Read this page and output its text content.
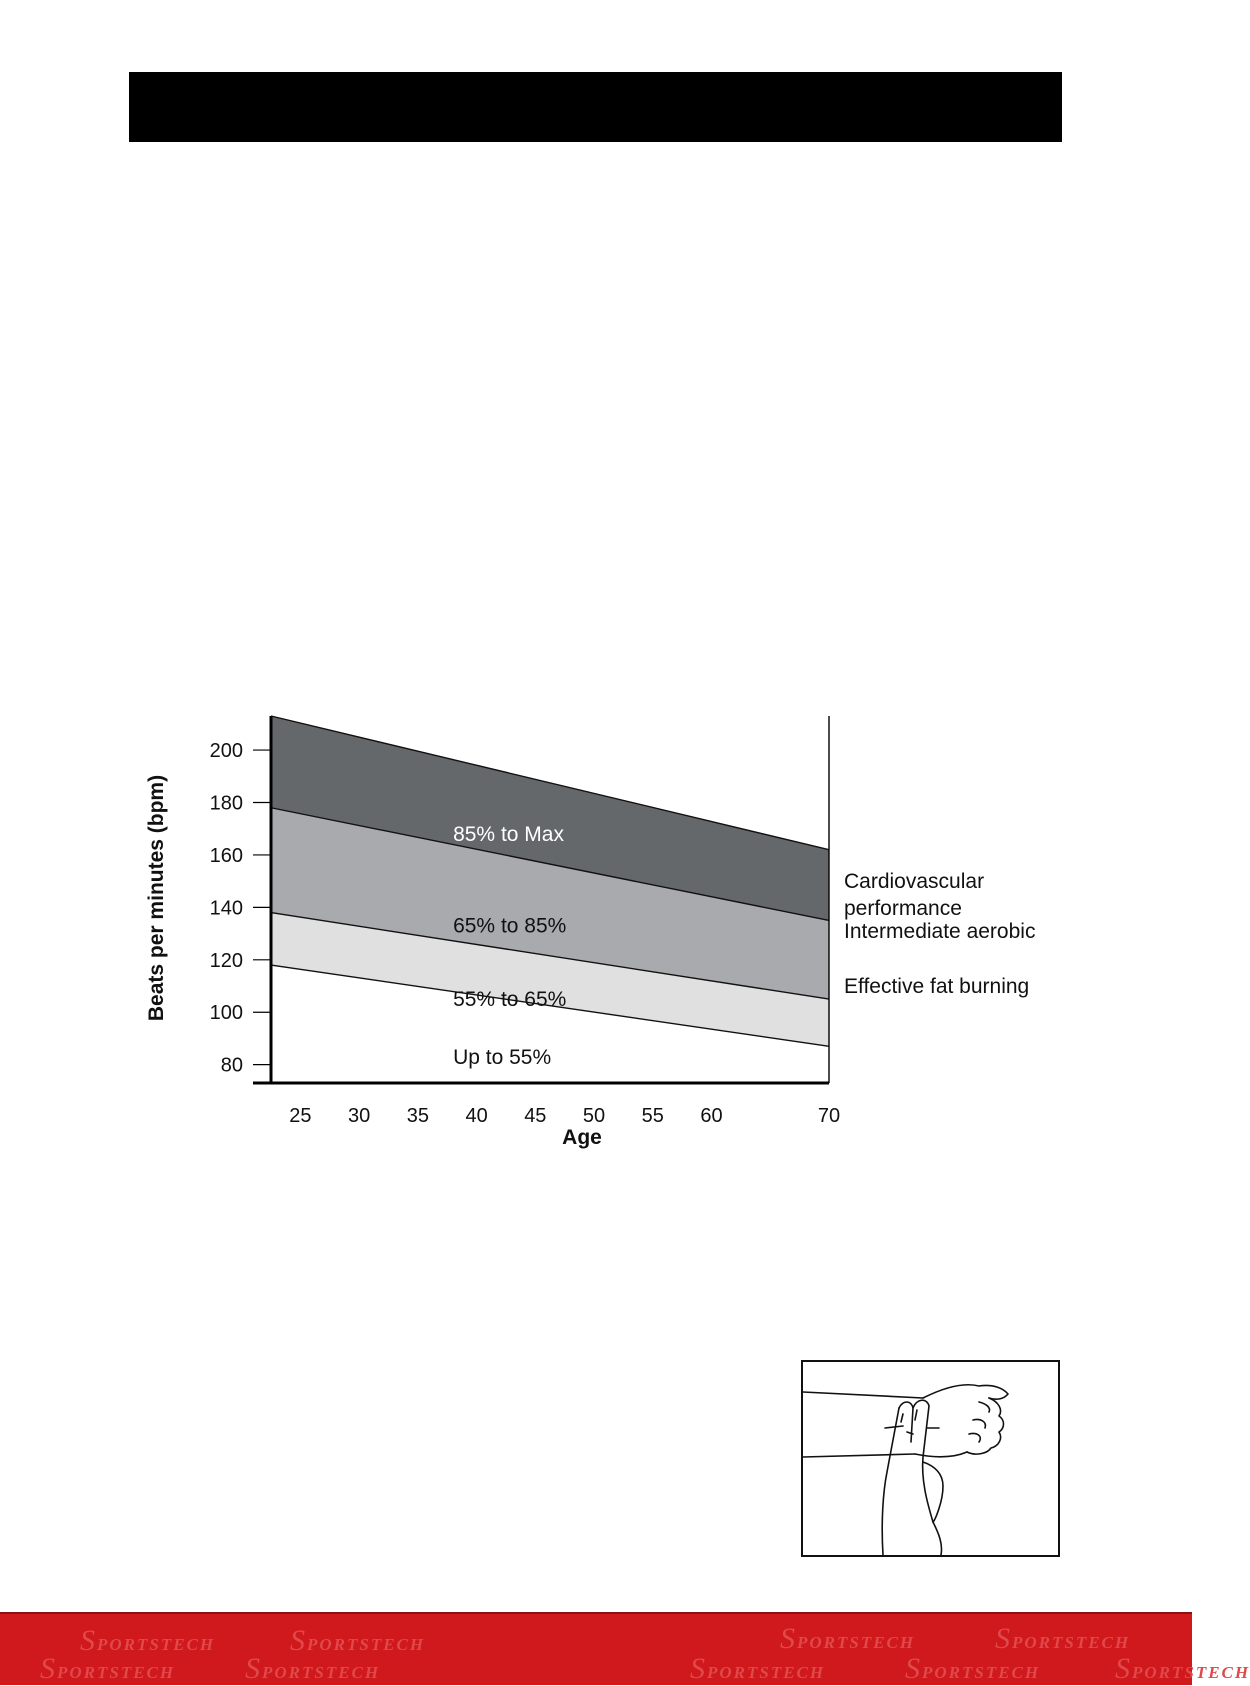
80
100
120
140
160
180
200
25 30 35 40 45 50 55 60	70
Age
Beats per minutes (bpm)	85% to Max
65% to 85%
55% to 65%
Up to 55%
Cardiovascular
performance
Intermediate aerobic
Effective fat burning
SPORTSTECH SPORTSTECH	SPORTSTECH	SPORTSTECH
SPORTSTECH SPORTSTECH	SPORTSTECH	SPORTSTECH SPORTSTECH
